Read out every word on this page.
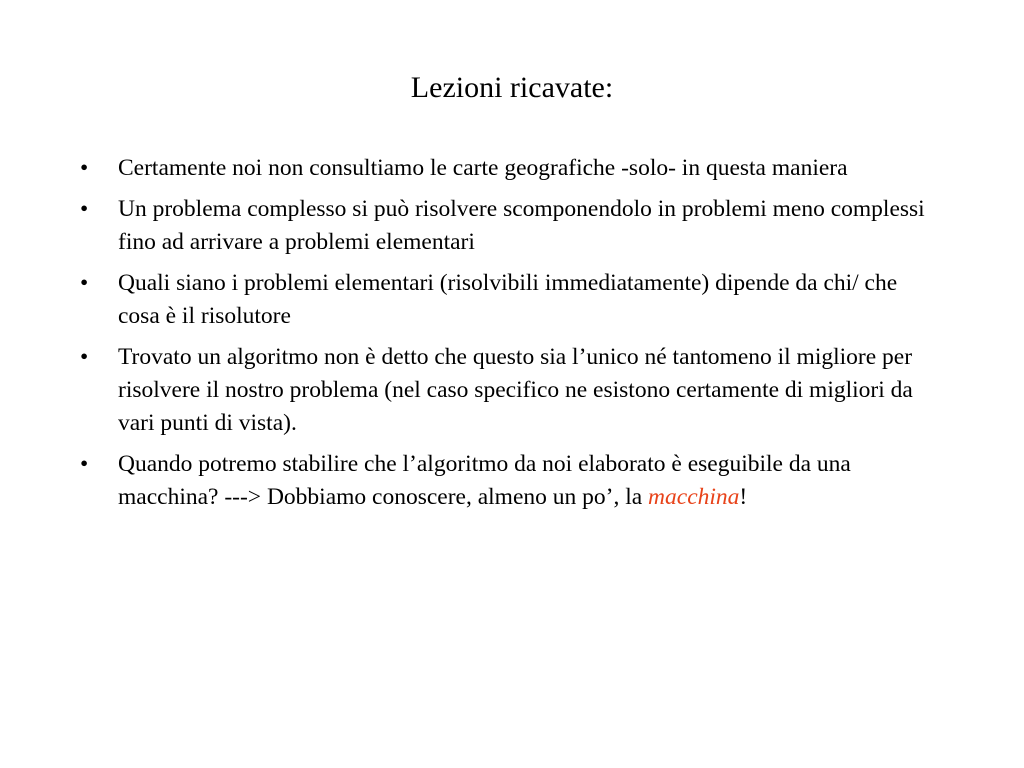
Lezioni ricavate:
•	Certamente noi non consultiamo le carte geografiche -solo- in questa maniera
•	Un problema complesso si può risolvere scomponendolo in problemi meno complessi fino ad arrivare a problemi elementari
•	Quali siano i problemi elementari (risolvibili immediatamente) dipende da chi/ che cosa è il risolutore
•	Trovato un algoritmo non è detto che questo sia l’unico né tantomeno il migliore per risolvere il nostro problema (nel caso specifico ne esistono certamente di migliori da vari punti di vista).
•	Quando potremo stabilire che l’algoritmo da noi elaborato è eseguibile da una macchina? ---> Dobbiamo conoscere, almeno un po’, la macchina!
